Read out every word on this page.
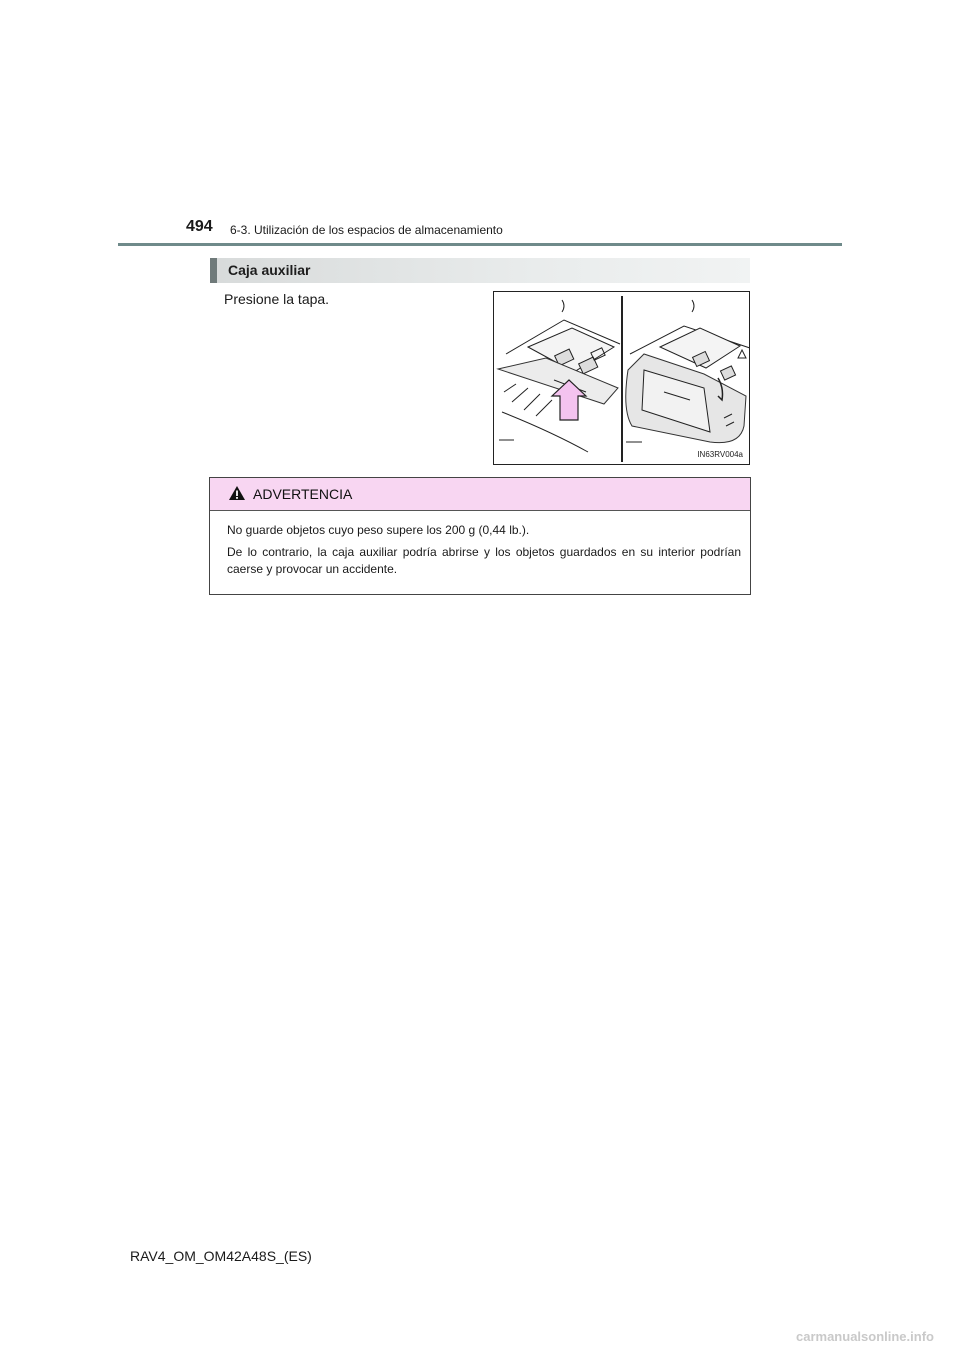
494 6-3. Utilización de los espacios de almacenamiento
Caja auxiliar
Presione la tapa.
IN63RV004a
ADVERTENCIA
No guarde objetos cuyo peso supere los 200 g (0,44 lb.).
De lo contrario, la caja auxiliar podría abrirse y los objetos guardados en su interior podrían caerse y provocar un accidente.
RAV4_OM_OM42A48S_(ES)
carmanualsonline.info
